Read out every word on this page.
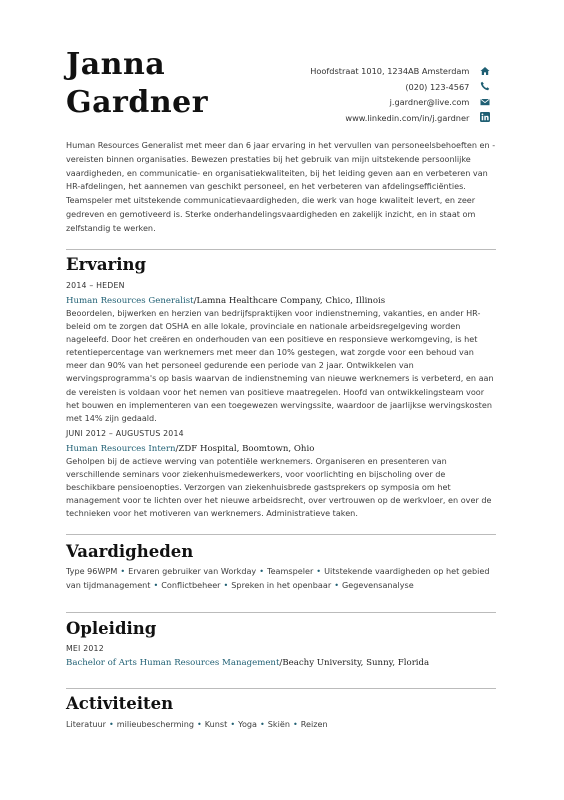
Janna
Gardner
Hoofdstraat 1010, 1234AB Amsterdam
(020) 123-4567
j.gardner@live.com
www.linkedin.com/in/j.gardner

Human Resources Generalist met meer dan 6 jaar ervaring in het vervullen van personeelsbehoeften en -vereisten binnen organisaties. Bewezen prestaties bij het gebruik van mijn uitstekende persoonlijke vaardigheden, en communicatie- en organisatiekwaliteiten, bij het leiding geven aan en verbeteren van HR-afdelingen, het aannemen van geschikt personeel, en het verbeteren van afdelingsefficiënties. Teamspeler met uitstekende communicatievaardigheden, die werk van hoge kwaliteit levert, en zeer gedreven en gemotiveerd is. Sterke onderhandelingsvaardigheden en zakelijk inzicht, en in staat om zelfstandig te werken.

Ervaring
2014 – HEDEN
Human Resources Generalist/Lamna Healthcare Company, Chico, Illinois
Beoordelen, bijwerken en herzien van bedrijfspraktijken voor indienstneming, vakanties, en ander HR-beleid om te zorgen dat OSHA en alle lokale, provinciale en nationale arbeidsregelgeving worden nageleefd. Door het creëren en onderhouden van een positieve en responsieve werkomgeving, is het retentiepercentage van werknemers met meer dan 10% gestegen, wat zorgde voor een behoud van meer dan 90% van het personeel gedurende een periode van 2 jaar. Ontwikkelen van wervingsprogramma's op basis waarvan de indienstneming van nieuwe werknemers is verbeterd, en aan de vereisten is voldaan voor het nemen van positieve maatregelen. Hoofd van ontwikkelingsteam voor het bouwen en implementeren van een toegewezen wervingssite, waardoor de jaarlijkse wervingskosten met 14% zijn gedaald.
JUNI 2012 – AUGUSTUS 2014
Human Resources Intern/ZDF Hospital, Boomtown, Ohio
Geholpen bij de actieve werving van potentiële werknemers. Organiseren en presenteren van verschillende seminars voor ziekenhuismedewerkers, voor voorlichting en bijscholing over de beschikbare pensioenopties. Verzorgen van ziekenhuisbrede gastsprekers op symposia om het management voor te lichten over het nieuwe arbeidsrecht, over vertrouwen op de werkvloer, en over de technieken voor het motiveren van werknemers. Administratieve taken.
Vaardigheden
Type 96WPM • Ervaren gebruiker van Workday • Teamspeler • Uitstekende vaardigheden op het gebied van tijdmanagement • Conflictbeheer • Spreken in het openbaar • Gegevensanalyse
Opleiding
MEI 2012
Bachelor of Arts Human Resources Management/Beachy University, Sunny, Florida
Activiteiten
Literatuur • milieubescherming • Kunst • Yoga • Skiën • Reizen
